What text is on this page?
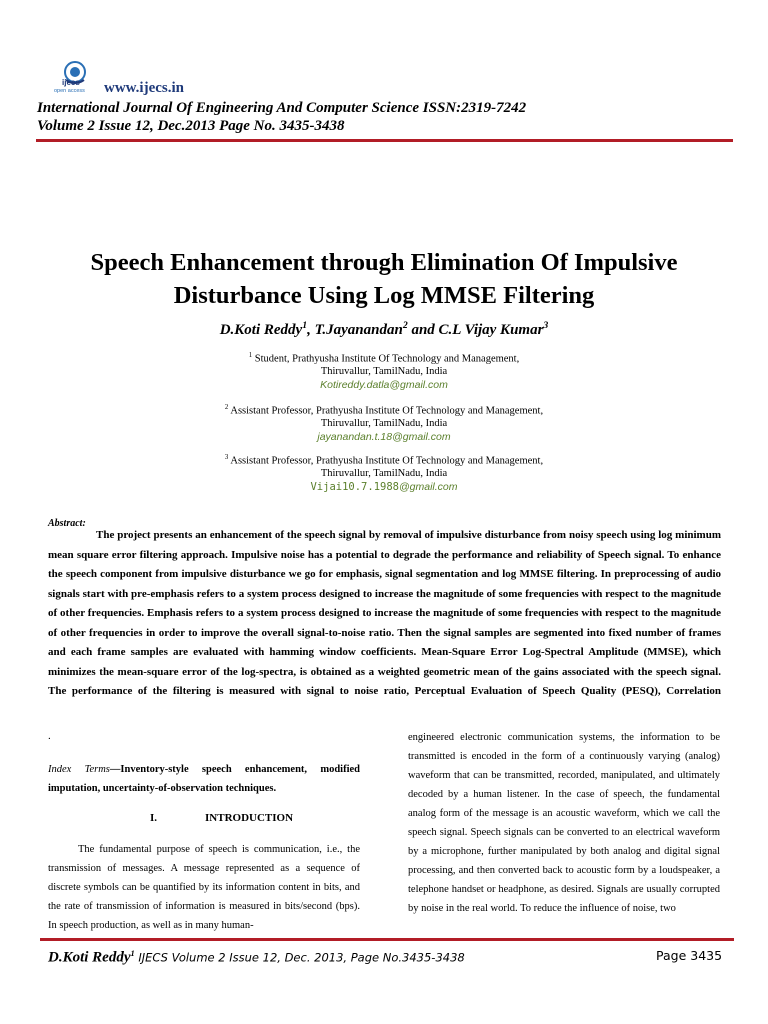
ijecs
open access www.ijecs.in
International Journal Of Engineering And Computer Science ISSN:2319-7242
Volume 2 Issue 12, Dec.2013 Page No. 3435-3438
Speech Enhancement through Elimination Of Impulsive
Disturbance Using Log MMSE Filtering
D.Koti Reddy$^1$, T.Jayanandan$^2$ and C.L Vijay Kumar$^3$
$^1$ Student, Prathyusha Institute Of Technology and Management,
Thiruvallur, TamilNadu, India
Kotireddy.datla@gmail.com
$^2$ Assistant Professor, Prathyusha Institute Of Technology and Management,
Thiruvallur, TamilNadu, India
jayanandan.t.18@gmail.com
$^3$ Assistant Professor, Prathyusha Institute Of Technology and Management,
Thiruvallur, TamilNadu, India
Vijai10.7.1988@gmail.com
Abstract:

The project presents an enhancement of the speech signal by removal of impulsive disturbance from noisy speech using log minimum mean square error filtering approach. Impulsive noise has a potential to degrade the performance and reliability of Speech signal. To enhance the speech component from impulsive disturbance we go for emphasis, signal segmentation and log MMSE filtering. In preprocessing of audio signals start with pre-emphasis refers to a system process designed to increase the magnitude of some frequencies with respect to the magnitude of other frequencies. Emphasis refers to a system process designed to increase the magnitude of some frequencies with respect to the magnitude of other frequencies in order to improve the overall signal-to-noise ratio. Then the signal samples are segmented into fixed number of frames and each frame samples are evaluated with hamming window coefficients. Mean-Square Error Log-Spectral Amplitude (MMSE), which minimizes the mean-square error of the log-spectra, is obtained as a weighted geometric mean of the gains associated with the speech signal. The performance of the filtering is measured with signal to noise ratio, Perceptual Evaluation of Speech Quality (PESQ), Correlation

.

Index Terms—Inventory-style speech enhancement, modified imputation, uncertainty-of-observation techniques.

I.	INTRODUCTION

The fundamental purpose of speech is communication, i.e., the transmission of messages. A message represented as a sequence of discrete symbols can be quantified by its information content in bits, and the rate of transmission of information is measured in bits/second (bps). In speech production, as well as in many human-

engineered electronic communication systems, the information to be transmitted is encoded in the form of a continuously varying (analog) waveform that can be transmitted, recorded, manipulated, and ultimately decoded by a human listener. In the case of speech, the fundamental analog form of the message is an acoustic waveform, which we call the speech signal. Speech signals can be converted to an electrical waveform by a microphone, further manipulated by both analog and digital signal processing, and then converted back to acoustic form by a loudspeaker, a telephone handset or headphone, as desired. Signals are usually corrupted by noise in the real world. To reduce the influence of noise, two

D.Koti Reddy$^1$ IJECS Volume 2 Issue 12, Dec. 2013, Page No.3435-3438	Page 3435
